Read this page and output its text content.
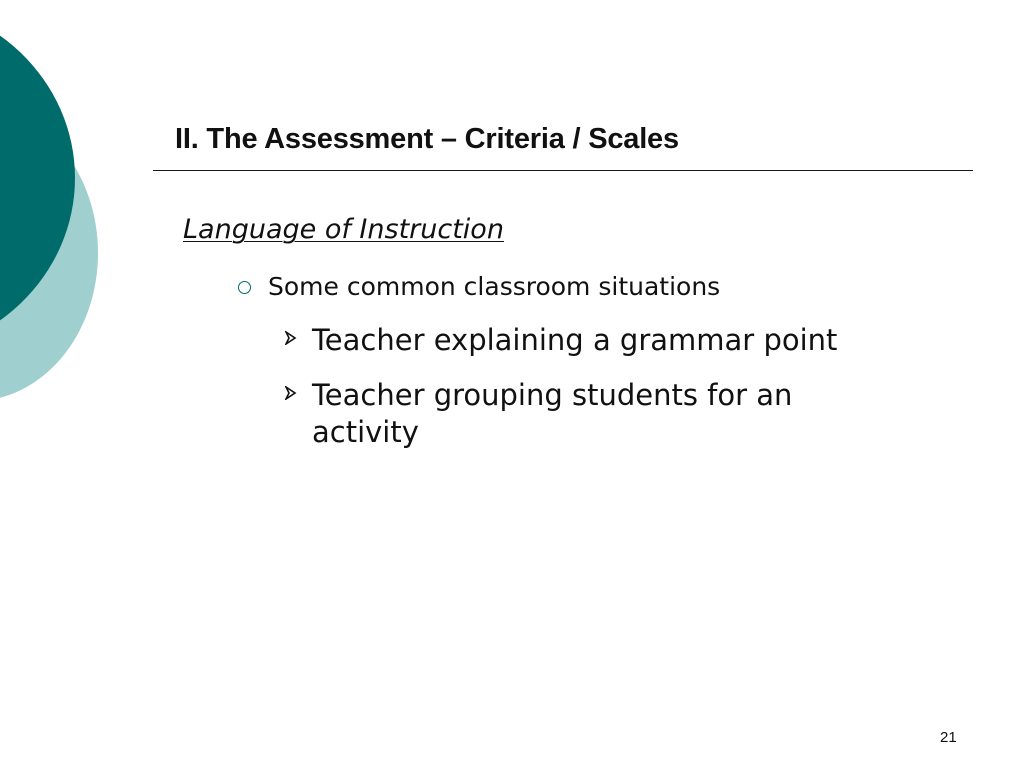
II. The Assessment – Criteria / Scales
Language of Instruction
Some common classroom situations
Teacher explaining a grammar point
Teacher grouping students for an activity
21
